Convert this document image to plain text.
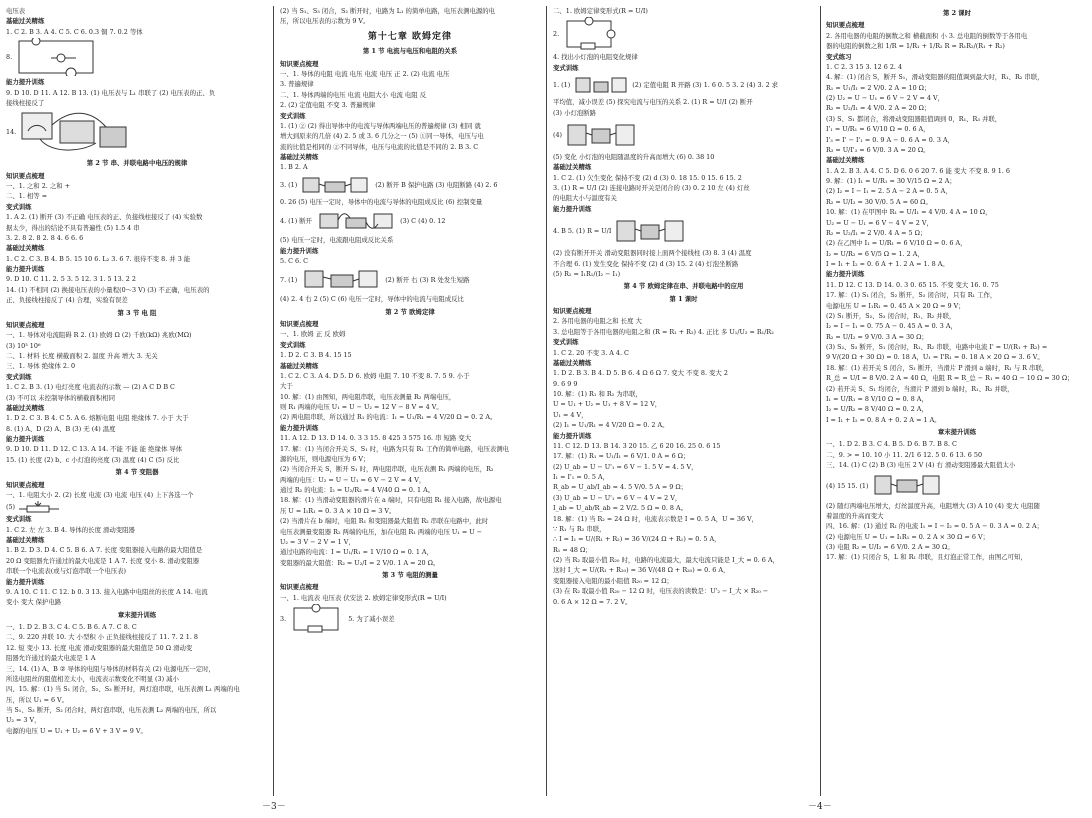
电压表
基础过关精练
1. C 2. B 3. A 4. C 5. C 6. 0.3 铜 7. 0.2 等体
8.
能力提升训练
9. D 10. D 11. A 12. B 13. (1) 电压表与 L₁ 串联了 (2) 电压表的正、负
接线柱接反了
14.
第 2 节 串、并联电路中电压的规律
知识要点梳理
一、1. 之和 2. 之和 +
二、1. 相等 =
变式训练
1. A 2. (1) 断开 (3) 不正确 电压表的正、负接线柱接反了 (4) 实验数
据太少，得出的结论不具有普遍性 (5) 1.5 4 串
3. 2. 8 2. 8 2. 8 4. 6 6. 6
基础过关精练
1. C 2. C 3. B 4. B 5. 15 10 6. L₂ 3. 6 7. 很待不变 8. 并 3 能
能力提升训练
9. D 10. C 11. 2. 5 3. 5 12. 3 1. 5 13. 2 2
14. (1) 不相同 (2) 换接电压表的小量程(0～3 V) (3) 不正确，电压表的
正、负接线柱接反了 (4) 合理，实验有误差
第 3 节 电 阻
知识要点梳理
一、1. 导体对电流阻碍 R 2. (1) 欧姆 Ω (2) 千欧(kΩ) 兆欧(MΩ)
(3) 10³ 10⁶
二、1. 材料 长度 横截面积 2. 温度 升高 增大 3. 无关
三、1. 导体 绝缘体 2. 0
变式训练
1. C 2. B 3. (1) 电灯亮度 电流表的示数 — (2) A C D B C
(3) 不可以 未控制导体的横截面积相同
基础过关精练
1. D 2. C 3. B 4. C 5. A 6. 熔断电阻 电阻 绝缘体 7. 小于 大于
8. (1) A、D (2) A、B (3) 无 (4) 温度
能力提升训练
9. D 10. D 11. D 12. C 13. A 14. 不能 不能 能 绝缘体 导体
15. (1) 长度 (2) b、c 小灯泡的亮度 (3) 温度 (4) C (5) 反比
第 4 节 变阻器
知识要点梳理
一、1. 电阻大小 2. (2) 长度 电流 (3) 电流 电压 (4) 上下各选一个
(5)
变式训练
1. C 2. 左 左 3. B 4. 导体的长度 滑动变阻器
基础过关精练
1. B 2. D 3. D 4. C 5. B 6. A 7. 长度 变阻器接入电路的最大阻值是
20 Ω 变阻器允许通过的最大电流是 1 A 7. 长度 变小 8. 滑动变阻器
串联一个电流表(或与灯泡串联一个电压表)
能力提升训练
9. A 10. C 11. C 12. b 0. 3 13. 接入电路中电阻丝的长度 A 14. 电流
变小 变大 保护电路
章末提升训练
一、1. D 2. B 3. C 4. C 5. B 6. A 7. C 8. C
二、9. 220 并联 10. 大 小型积 小 正负接线柱接反了 11. 7. 2 1. 8
12. 短 变小 13. 长度 电流 滑动变阻器的最大阻值是 50 Ω 滑动变
阻器允许通过的最大电流是 1 A
三、14. (1) A、B ② 导体的电阻与导体的材料有关 (2) 电源电压一定时，
所选电阻丝的阻值相差太小，电流表示数变化不明显 (3) 减小
四、15. 解：(1) 当 S₁ 闭合，S₂、S₃ 断开时，两灯泡串联，电压表测 L₁ 两端的电
压，所以 U₁ = 6 V。
当 S₁、S₃ 断开，S₂ 闭合时，两灯泡串联，电压表测 L₂ 两端的电压，所以
U₂ = 3 V，
电源的电压 U = U₁ + U₂ = 6 V + 3 V = 9 V。
(2) 当 S₁、S₃ 闭合，S₂ 断开时，电路为 L₁ 的简单电路，电压表测电源的电
压，所以电压表的示数为 9 V。
第十七章 欧姆定律
第 1 节 电流与电压和电阻的关系
知识要点梳理
一、1. 导体的电阻 电流 电压 电流 电压 正 2. (2) 电流 电压
3. 普遍规律
二、1. 导体两端的电压 电流 电阻大小 电流 电阻 反
2. (2) 定值电阻 不变 3. 普遍规律
变式训练
1. (1) ② (2) 得出导体中的电流与导体两端电压的普遍规律 (3) 相同 就
增大到原来的几倍 (4) 2. 5 或 3. 6 几分之一 (5) ①同一导体，电压与电
流的比值是相同的 ②不同导体，电压与电流的比值是不同的 2. B 3. C
基础过关精练
1. B 2. A
3. (1)	(2) 断开 B 保护电路 (3) 电阻断路 (4) 2. 6
0. 26 (5) 电压一定时，导体中的电流与导体的电阻成反比 (6) 控制变量
4. (1) 断开	(3) C (4) 0. 12
(5) 电压一定时，电流跟电阻成反比关系
能力提升训练
5. C 6. C
7. (1)	(2) 断开 右 (3) R 处发生短路
(4) 2. 4 右 2 (5) C (6) 电压一定时，导体中的电流与电阻成反比
第 2 节 欧姆定律
知识要点梳理
一、1. 欧姆 正 反 欧姆
变式训练
1. D 2. C 3. B 4. 15 15
基础过关精练
1. C 2. C 3. A 4. D 5. D 6. 欧姆 电阻 7. 10 不变 8. 7. 5 9. 小于
大于
10. 解：(1) 由图知，两电阻串联，电压表测量 R₂ 两端电压，
则 R₁ 两端的电压 U₁ = U − U₂ = 12 V − 8 V = 4 V。
(2) 两电阻串联，所以通过 R₁ 的电流：I₁ = U₁/R₁ = 4 V/20 Ω = 0. 2 A。
能力提升训练
11. A 12. D 13. D 14. 0. 3 3 15. 8 425 3 575 16. 串 短路 变大
17. 解：(1) 当闭合开关 S、S₁ 时，电路为只有 R₁ 工作的简单电路，电压表测电
源的电压，则电源电压为 6 V；
(2) 当闭合开关 S，断开 S₁ 时，两电阻串联，电压表测 R₁ 两端的电压，R₂
两端的电压：U₂ = U − U₁ = 6 V − 2 V = 4 V，
通过 R₂ 的电流：I₂ = U₂/R₂ = 4 V/40 Ω = 0. 1 A。
18. 解：(1) 当滑动变阻器的滑片在 a 端时，只有电阻 R₁ 接入电路，故电源电
压 U = I₁R₁ = 0. 3 A × 10 Ω = 3 V。
(2) 当滑片在 b 端时，电阻 R₁ 和变阻器最大阻值 R₂ 串联在电路中，此时
电压表测量变阻器 R₂ 两端的电压，加在电阻 R₁ 两端的电压 U₁ = U −
U₂ = 3 V − 2 V = 1 V，
通过电路的电流：I = U₁/R₁ = 1 V/10 Ω = 0. 1 A，
变阻器的最大阻值：R₂ = U₂/I = 2 V/0. 1 A = 20 Ω。
第 3 节 电阻的测量
知识要点梳理
一、1. 电流表 电压表 伏安法 2. 欧姆定律变形式(R = U/I)
3.	5. 为了减小误差
二、1. 欧姆定律变形式(R = U/I)
2.
4. 找出小灯泡的电阻变化规律
变式训练
1. (1)	(2) 定值电阻 R 开路 (3) 1. 6 0. 5 3. 2 (4) 3. 2 求
平均值，减小误差 (5) 探究电流与电压的关系 2. (1) R = U/I (2) 断开
(3) 小灯泡断路
(4)
(5) 变化 小灯泡的电阻随温度的升高而增大 (6) 0. 38 10
基础过关精练
1. C 2. (1) 欠生变化 保持不变 (2) d (3) 0. 18 15. 0 15. 6 15. 2
3. (1) R = U/I (2) 连接电路时开关是闭合的 (3) 0. 2 10 左 (4) 灯丝
的电阻大小与温度有关
能力提升训练
4. B 5. (1) R = U/I
(2) 没有断开开关 滑动变阻器同时接上面两个接线柱 (3) 8. 3 (4) 温度
不合理 6. (1) 发生变化 保持不变 (2) d (3) 15. 2 (4) 灯泡坐断路
(5) R₂ = I₁R₁/(I₂ − I₁)
第 4 节 欧姆定律在串、并联电路中的应用
第 1 课时
知识要点梳理
2. 各用电器的电阻之和 长度 大
3. 总电阻等于各用电器的电阻之和 (R = R₁ + R₂) 4. 正比 多 U₁/U₂ = R₁/R₂
变式训练
1. C 2. 20 不变 3. A 4. C
基础过关精练
1. D 2. B 3. B 4. D 5. B 6. 4 Ω 6 Ω 7. 变大 不变 8. 变大 2
9. 6 9 9
10. 解：(1) R₁ 和 R₂ 为串联，
U = U₁ + U₂ = U₁ + 8 V = 12 V，
U₁ = 4 V，
(2) I₁ = U₁/R₁ = 4 V/20 Ω = 0. 2 A。
能力提升训练
11. C 12. D 13. B 14. 3 20 15. 乙 6 20 16. 25 0. 6 15
17. 解：(1) R₁ = U₁/I₁ = 6 V/1. 0 A = 6 Ω；
(2) U_ab = U − U'₁ = 6 V − 1. 5 V = 4. 5 V，
I₁ = I'₁ = 0. 5 A，
R_ab = U_ab/I_ab = 4. 5 V/0. 5 A = 9 Ω；
(3) U_ab = U − U'₁ = 6 V − 4 V = 2 V，
I_ab = U_ab/R_ab = 2 V/2. 5 Ω = 0. 8 A。
18. 解：(1) 当 R₂ = 24 Ω 时，电流表示数是 I = 0. 5 A，U = 36 V，
∵ R₁ 与 R₂ 串联，
∴ I = I₁ = U/(R₁ + R₂) = 36 V/(24 Ω + R₁) = 0. 5 A，
R₁ = 48 Ω；
(2) 当 R₂ 取最小值 R₂₀ 时，电路的电流最大，最大电流只能是 I_大 = 0. 6 A，
这时 I_大 = U/(R₁ + R₂₀) = 36 V/(48 Ω + R₂₀) = 0. 6 A，
变阻器接入电阻的最小阻值 R₂₀ = 12 Ω；
(3) 在 R₂ 取最小值 R₂₀ − 12 Ω 时，电压表的读数是：U'₂ − I_大 × R₂₀ −
0. 6 A × 12 Ω = 7. 2 V。
第 2 课时
知识要点梳理
2. 各用电器的电阻的倒数之和 横截面积 小 3. 总电阻的倒数等于各用电
器的电阻的倒数之和 1/R = 1/R₁ + 1/R₂ R = R₁R₂/(R₁ + R₂)
变式练习
1. C 2. 3 15 3. 12 6 2. 4
4. 解：(1) 闭合 S，断开 S₁，滑动变阻器的阻值调到最大时，R₁、R₂ 串联，
R₁ = U₁/I₁ = 2 V/0. 2 A = 10 Ω；
(2) U₂ = U − U₁ = 6 V − 2 V = 4 V，
R₂ = U₂/I₁ = 4 V/0. 2 A = 20 Ω；
(3) S、S₁ 都闭合，将滑动变阻器阻值调到 0，R₁、R₃ 并联，
I'₁ = U/R₁ = 6 V/10 Ω = 0. 6 A，
I'₃ = I' − I'₁ = 0. 9 A − 0. 6 A = 0. 3 A，
R₃ = U/I'₃ = 6 V/0. 3 A = 20 Ω。
基础过关精练
1. A 2. B 3. A 4. C 5. D 6. 0 6 20 7. 6 能 变大 不变 8. 9 1. 6
9. 解：(1) I₁ = U/R₁ = 30 V/15 Ω = 2 A；
(2) I₂ = I − I₁ = 2. 5 A − 2 A = 0. 5 A，
R₂ = U/I₂ = 30 V/0. 5 A = 60 Ω。
10. 解：(1) 在甲图中 R₁ = U/I₁ = 4 V/0. 4 A = 10 Ω，
U₂ = U − U₁ = 6 V − 4 V = 2 V，
R₂ = U₂/I₁ = 2 V/0. 4 A = 5 Ω；
(2) 在乙图中 I₁ = U/R₁ = 6 V/10 Ω = 0. 6 A，
I₂ = U/R₂ = 6 V/5 Ω = 1. 2 A，
I = I₁ + I₂ = 0. 6 A + 1. 2 A = 1. 8 A。
能力提升训练
11. D 12. C 13. D 14. 0. 3 0. 65 15. 不变 变大 16. 0. 75
17. 解：(1) S₁ 闭合，S₂ 断开，S₃ 闭合时，只有 R₁ 工作，
电源电压 U = I₁R₁ = 0. 45 A × 20 Ω = 9 V；
(2) S₁ 断开，S₂、S₃ 闭合时，R₁、R₂ 并联，
I₂ = I − I₁ = 0. 75 A − 0. 45 A = 0. 3 A，
R₂ = U/I₂ = 9 V/0. 3 A = 30 Ω；
(3) S₂、S₃ 断开，S₁ 闭合时，R₁、R₂ 串联，电路中电流 I' = U/(R₁ + R₂) =
9 V/(20 Ω + 30 Ω) = 0. 18 A，U₁ = I'R₁ = 0. 18 A × 20 Ω = 3. 6 V。
18. 解：(1) 若开关 S 闭合，S₁ 断开，当滑片 P 滑到 a 端时，R₁ 与 R 串联，
R_总 = U/I = 8 V/0. 2 A = 40 Ω，电阻 R = R_总 − R₁ = 40 Ω − 10 Ω = 30 Ω；
(2) 若开关 S、S₁ 均闭合，当滑片 P 滑到 b 端时，R₁、R₂ 并联，
I₁ = U/R₁ = 8 V/10 Ω = 0. 8 A，
I₂ = U/R₂ = 8 V/40 Ω = 0. 2 A，
I = I₁ + I₂ = 0. 8 A + 0. 2 A = 1 A。
章末提升训练
一、1. D 2. B 3. C 4. B 5. D 6. B 7. B 8. C
二、9. > = 10. 10 小 11. 2/1 6 12. 5 0. 6 13. 6 50
三、14. (1) C (2) B (3) 电压 2 V (4) 右 滑动变阻器最大阻值太小
(4) 15 15. (1)
(2) 随灯两端电压增大，灯丝温度升高，电阻增大 (3) A 10 (4) 变大 电阻随
着温度的升高而变大
四、16. 解：(1) 通过 R₁ 的电流 I₁ = I − I₂ = 0. 5 A − 0. 3 A = 0. 2 A；
(2) 电源电压 U = U₁ = I₁R₁ = 0. 2 A × 30 Ω = 6 V；
(3) 电阻 R₂ = U/I₂ = 6 V/0. 2 A = 30 Ω。
17. 解：(1) 只闭合 S，L 和 R₁ 串联，且灯泡正常工作，由图乙可知，
－3－	－4－
